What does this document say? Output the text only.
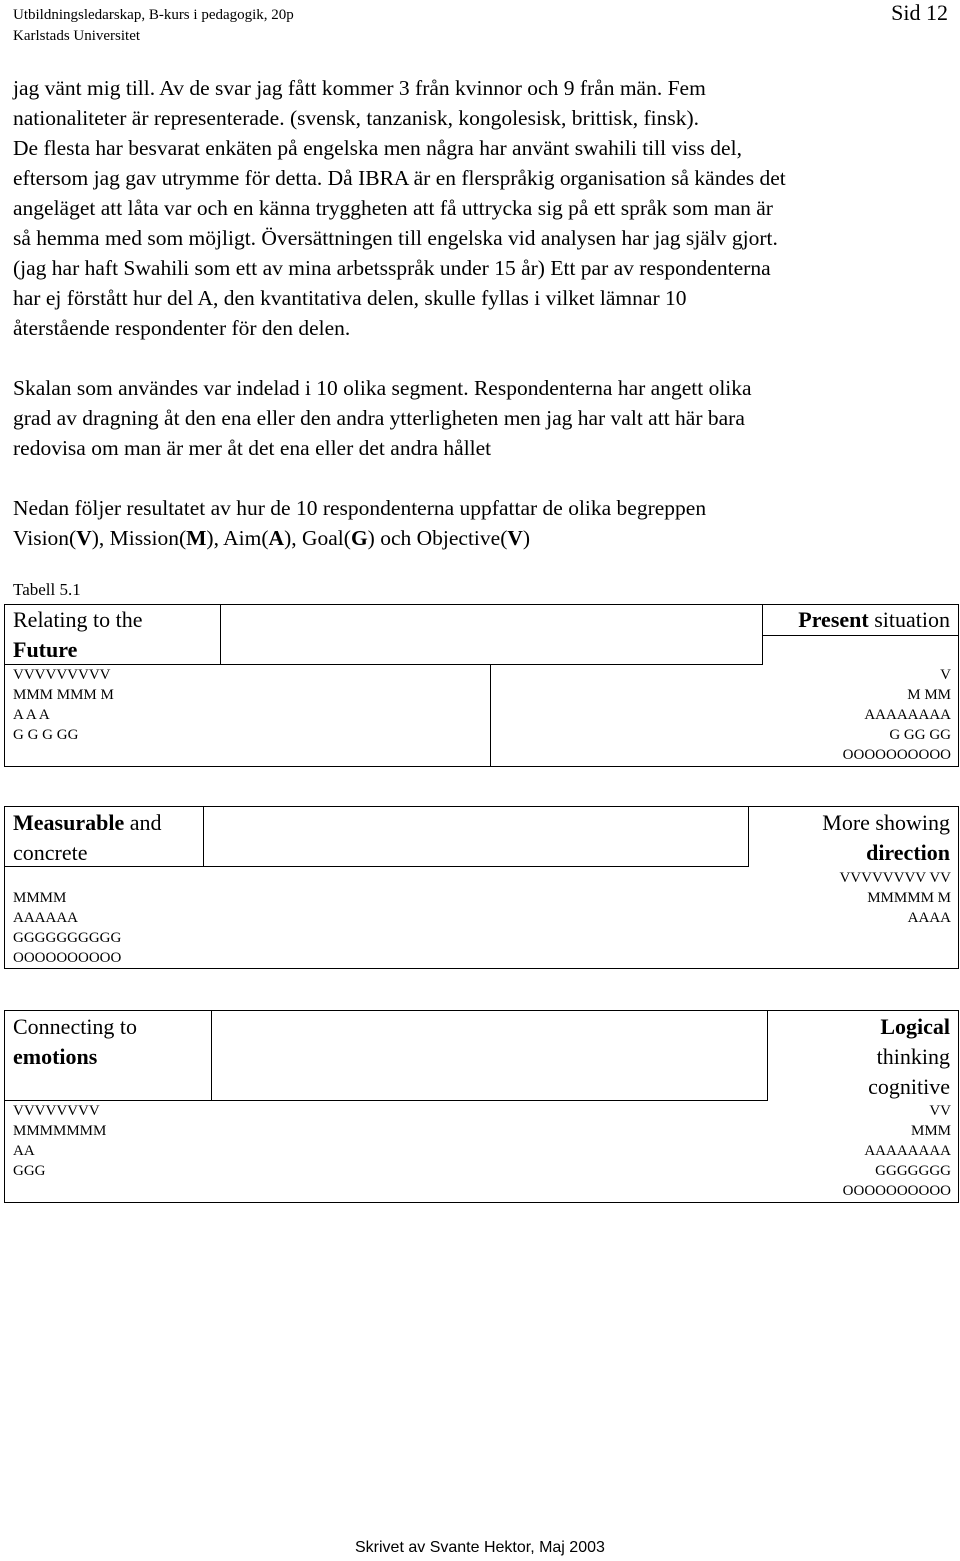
Utbildningsledarskap, B-kurs i pedagogik, 20p
Karlstads Universitet
Sid 12

jag vänt mig till. Av de svar jag fått kommer 3 från kvinnor och 9 från män. Fem

nationaliteter är representerade. (svensk, tanzanisk, kongolesisk, brittisk, finsk).

De flesta har besvarat enkäten på engelska men några har använt swahili till viss del,

eftersom jag gav utrymme för detta. Då IBRA är en flerspråkig organisation så kändes det

angeläget att låta var och en känna tryggheten att få uttrycka sig på ett språk som man är

så hemma med som möjligt. Översättningen till engelska vid analysen har jag själv gjort.

(jag har haft Swahili som ett av mina arbetsspråk under 15 år) Ett par av respondenterna

har ej förstått hur del A, den kvantitativa delen, skulle fyllas i vilket lämnar 10

återstående respondenter för den delen.

Skalan som användes var indelad i 10 olika segment. Respondenterna har angett olika

grad av dragning åt den ena eller den andra ytterligheten men jag har valt att här bara

redovisa om man är mer åt det ena eller det andra hållet

Nedan följer resultatet av hur de 10 respondenterna uppfattar de olika begreppen

Vision(V), Mission(M), Aim(A), Goal(G) och Objective(V)

Tabell 5.1
Relating to the
Future
Present situation
VVVVVVVVV
MMM MMM M
A A A
G G G GG
V
M MM
AAAAAAAA
G GG GG
OOOOOOOOOO
Measurable and
concrete
More showing
direction
MMMM
AAAAAA
GGGGGGGGGG
OOOOOOOOOO
VVVVVVVV VV
MMMMM M
AAAA
Connecting to
emotions
Logical
thinking
cognitive
VVVVVVVV
MMMMMMM
AA
GGG
VV
MMM
AAAAAAAA
GGGGGGG
OOOOOOOOOO
Skrivet av Svante Hektor, Maj 2003
